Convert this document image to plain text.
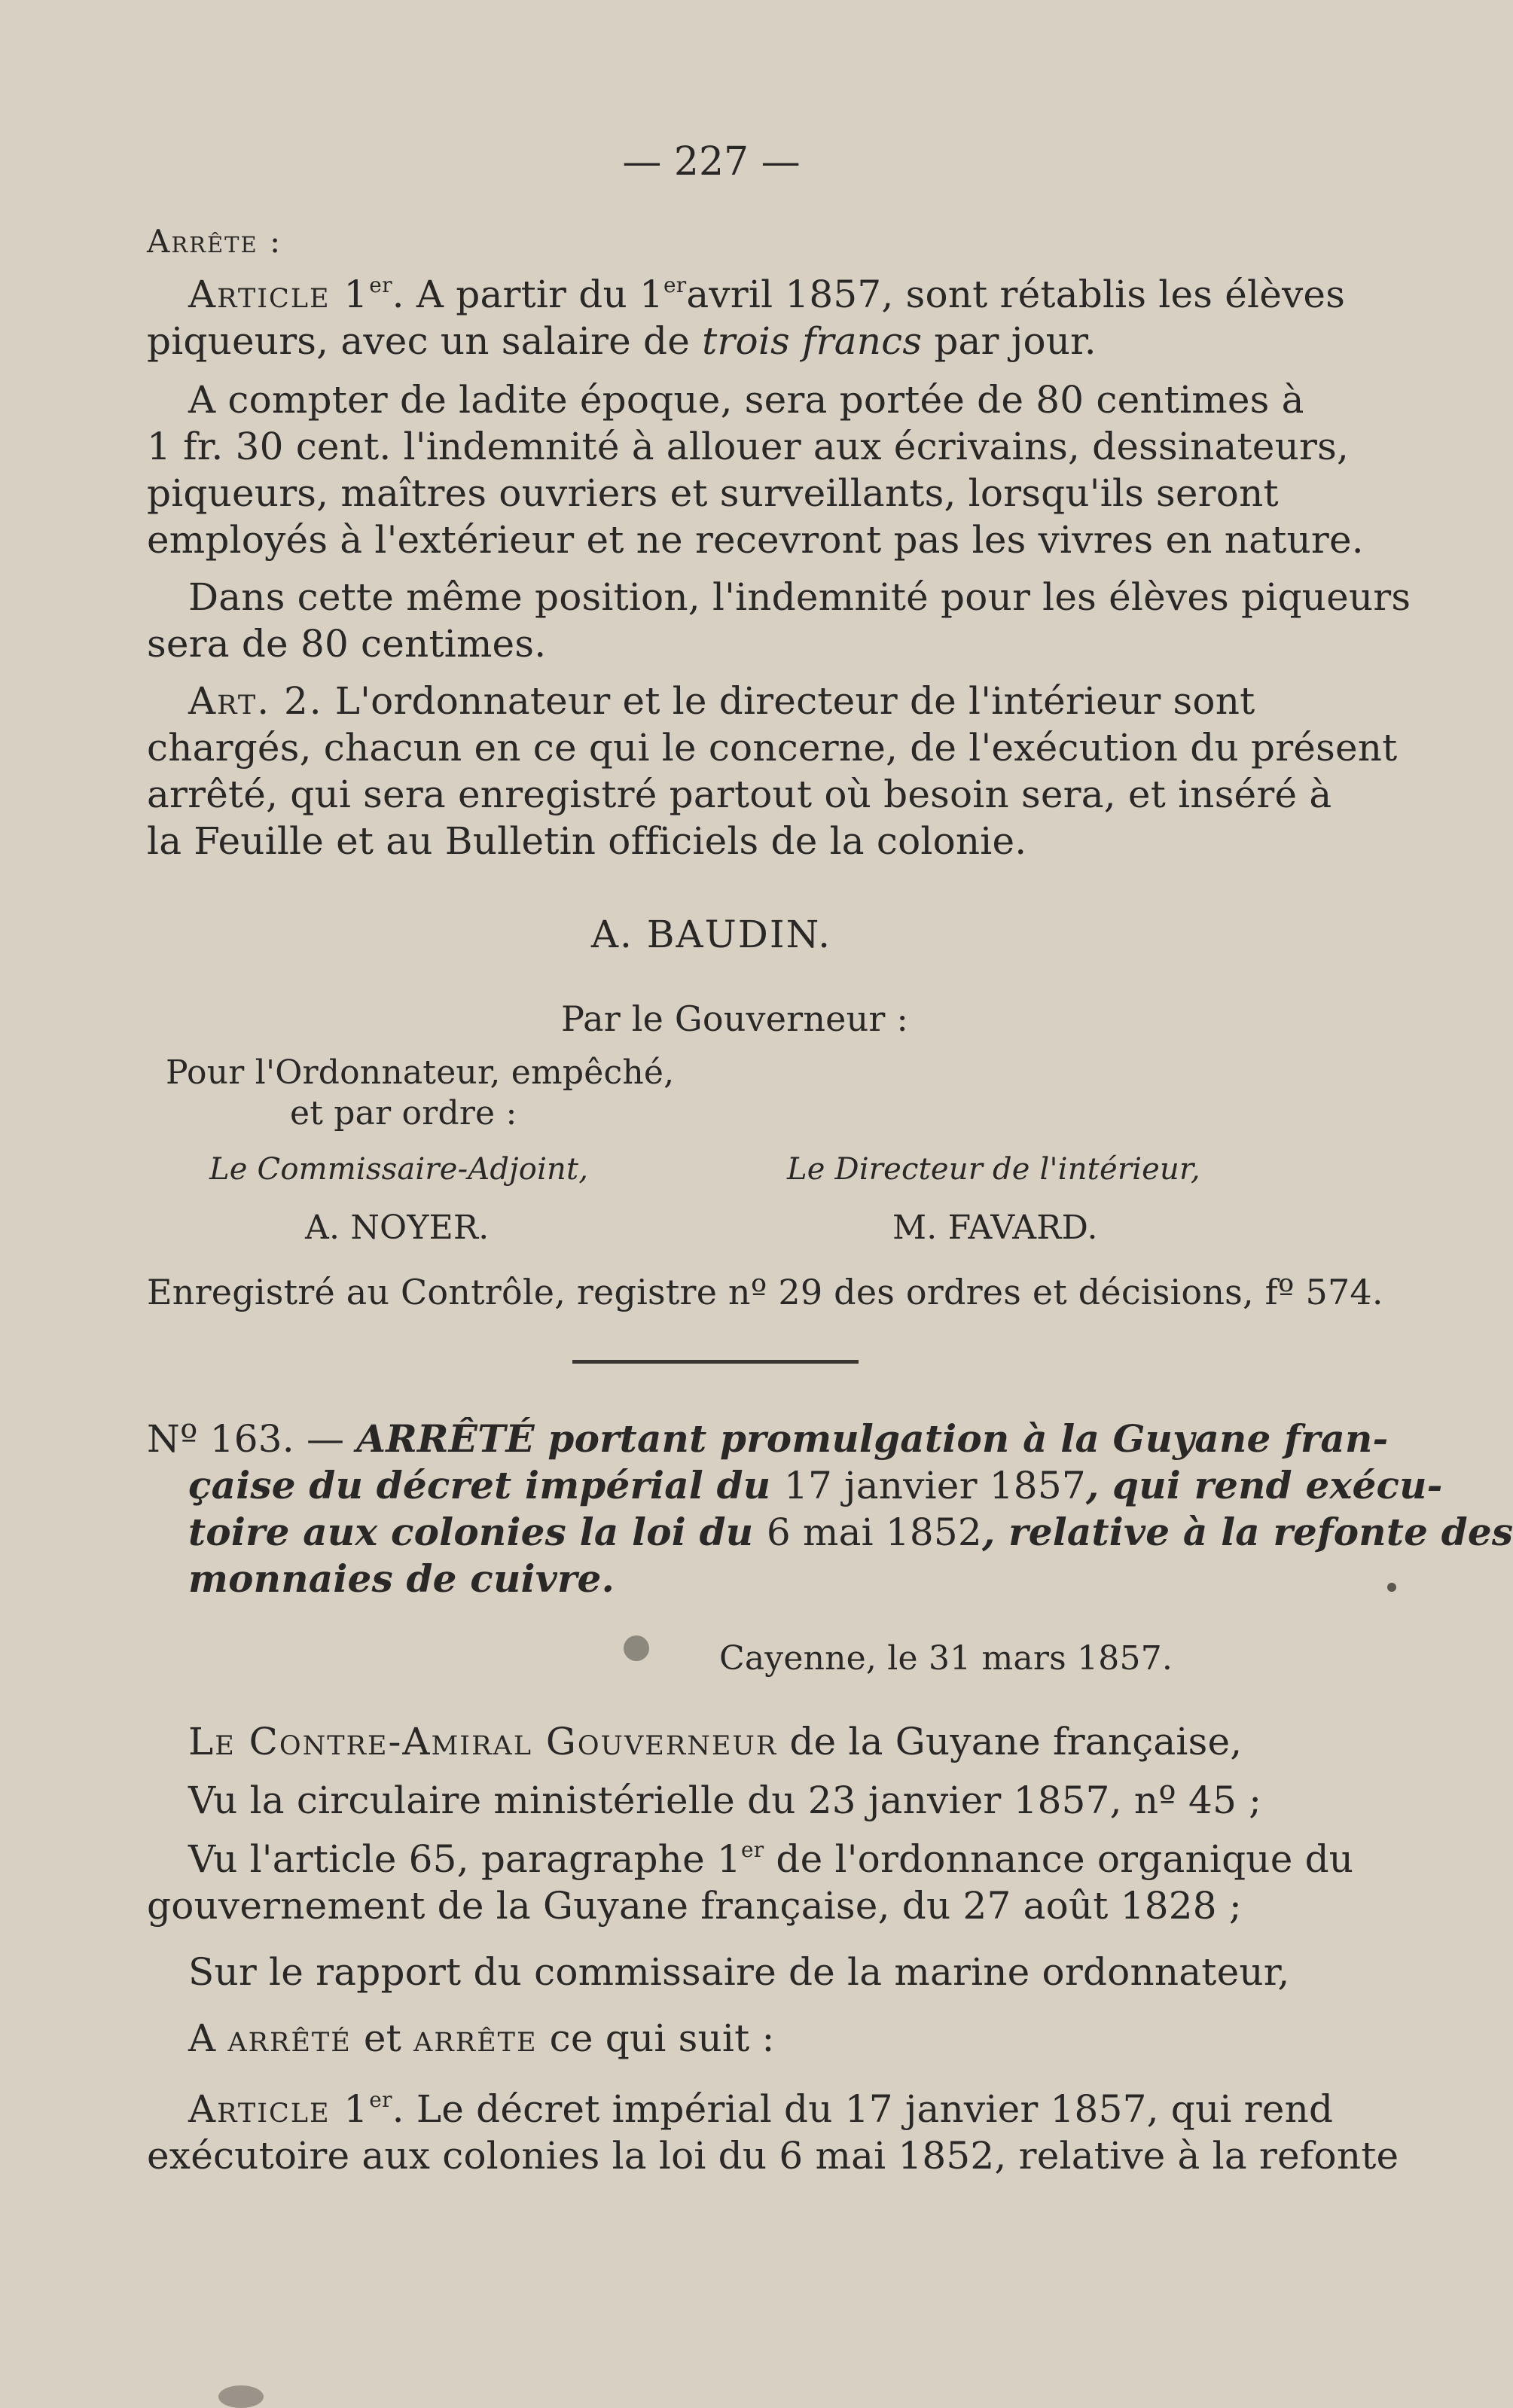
— 227 —
Arrête :
Article 1er. A partir du 1er avril 1857, sont rétablis les élèves
piqueurs, avec un salaire de trois francs par jour.
A compter de ladite époque, sera portée de 80 centimes à
1 fr. 30 cent. l'indemnité à allouer aux écrivains, dessinateurs,
piqueurs, maîtres ouvriers et surveillants, lorsqu'ils seront
employés à l'extérieur et ne recevront pas les vivres en nature.
Dans cette même position, l'indemnité pour les élèves piqueurs
sera de 80 centimes.
Art. 2. L'ordonnateur et le directeur de l'intérieur sont
chargés, chacun en ce qui le concerne, de l'exécution du présent
arrêté, qui sera enregistré partout où besoin sera, et inséré à
la Feuille et au Bulletin officiels de la colonie.
A. BAUDIN.
Par le Gouverneur :
Pour l'Ordonnateur, empêché,
et par ordre :
Le Commissaire-Adjoint,	Le Directeur de l'intérieur,
A. NOYER.	M. FAVARD.
Enregistré au Contrôle, registre nº 29 des ordres et décisions, fº 574.
Nº 163. — ARRÊTÉ portant promulgation à la Guyane fran-
çaise du décret impérial du 17 janvier 1857, qui rend exécu-
toire aux colonies la loi du 6 mai 1852, relative à la refonte des
monnaies de cuivre.
Cayenne, le 31 mars 1857.
Le Contre-Amiral Gouverneur de la Guyane française,
Vu la circulaire ministérielle du 23 janvier 1857, nº 45 ;
Vu l'article 65, paragraphe 1er de l'ordonnance organique du
gouvernement de la Guyane française, du 27 août 1828 ;
Sur le rapport du commissaire de la marine ordonnateur,
A arrêté et arrête ce qui suit :
Article 1er. Le décret impérial du 17 janvier 1857, qui rend
exécutoire aux colonies la loi du 6 mai 1852, relative à la refonte
